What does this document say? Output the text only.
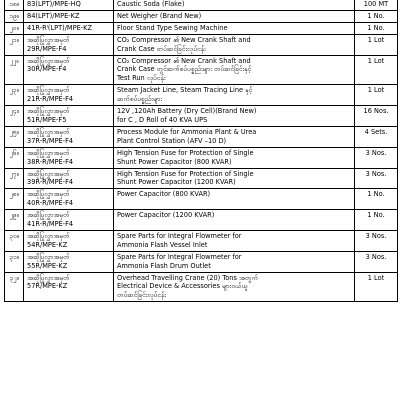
၁၈။	83(LPT)/MPE-HQ	Caustic Soda (Flake)	100 MT
၁၉။	84(LPT)/MPE-KZ	Net Weigher (Brand New)	1 No.
၂၀။	41R-Rᴵ(LPT)/MPE-KZ	Floor Stand Type Sewing Machine	1 No.
၂၁။	အဆိုပြုလွှာအမှတ်
29R/MPE-F4	CO₂ Compressor ၏ New Crank Shaft and
Crank Case တပ်ဆင်ခြင်းလုပ်ငန်း	1 Lot
၂၂။	အဆိုပြုလွှာအမှတ်
30R/MPE-F4	CO₂ Compressor ၏ New Crank Shaft and
Crank Case တွင်ဆက်စပ်ပစ္စည်းများ တပ်ဆင်ခြင်းနှင့်
Test Run လုပ်ငန်း	1 Lot
၂၃။	အဆိုပြုလွှာအမှတ်
21R-R/MPE-F4	Steam Jacket Line, Steam Tracing Line နှင့်
ဆက်စပ်ပစ္စည်းများ	1 Lot
၂၄။	အဆိုပြုလွှာအမှတ်
51R/MPE-F5	12V ,120Ah Battery (Dry Cell)(Brand New)
for C , D Roll of 40 KVA UPS	16 Nos.
၂၅။	အဆိုပြုလွှာအမှတ်
37R-R/MPE-F4	Process Module for Ammonia Plant & Urea
Plant Control Station (AFV –10 D)	4 Sets.
၂၆။	အဆိုပြုလွှာအမှတ်
38R-R/MPE-F4	High Tension Fuse for Protection of Single
Shunt Power Capacitor (800 KVAR)	3 Nos.
၂၇။	အဆိုပြုလွှာအမှတ်
39R-R/MPE-F4	High Tension Fuse for Protection of Single
Shunt Power Capacitor (1200 KVAR)	3 Nos.
၂၈။	အဆိုပြုလွှာအမှတ်
40R-R/MPE-F4	Power Capacitor (800 KVAR)	1 No.
၂၉။	အဆိုပြုလွှာအမှတ်
41R-R/MPE-F4	Power Capacitor (1200 KVAR)	1 No.
၃၀။	အဆိုပြုလွှာအမှတ်
54R/MPE-KZ	Spare Parts for Integral Flowmeter for
Ammonia Flash Vessel Inlet	3 Nos.
၃၁။	အဆိုပြုလွှာအမှတ်
55R/MPE-KZ	Spare Parts for Integral Flowmeter for
Ammonia Flash Drum Outlet	3 Nos.
၃၂။	အဆိုပြုလွှာအမှတ်
57R/MPE-KZ	Overhead Travelling Crane (20) Tons အတွက်
Electrical Device & Accessories များဝယ်ယူ
တပ်ဆင်ခြင်းလုပ်ငန်း	1 Lot
